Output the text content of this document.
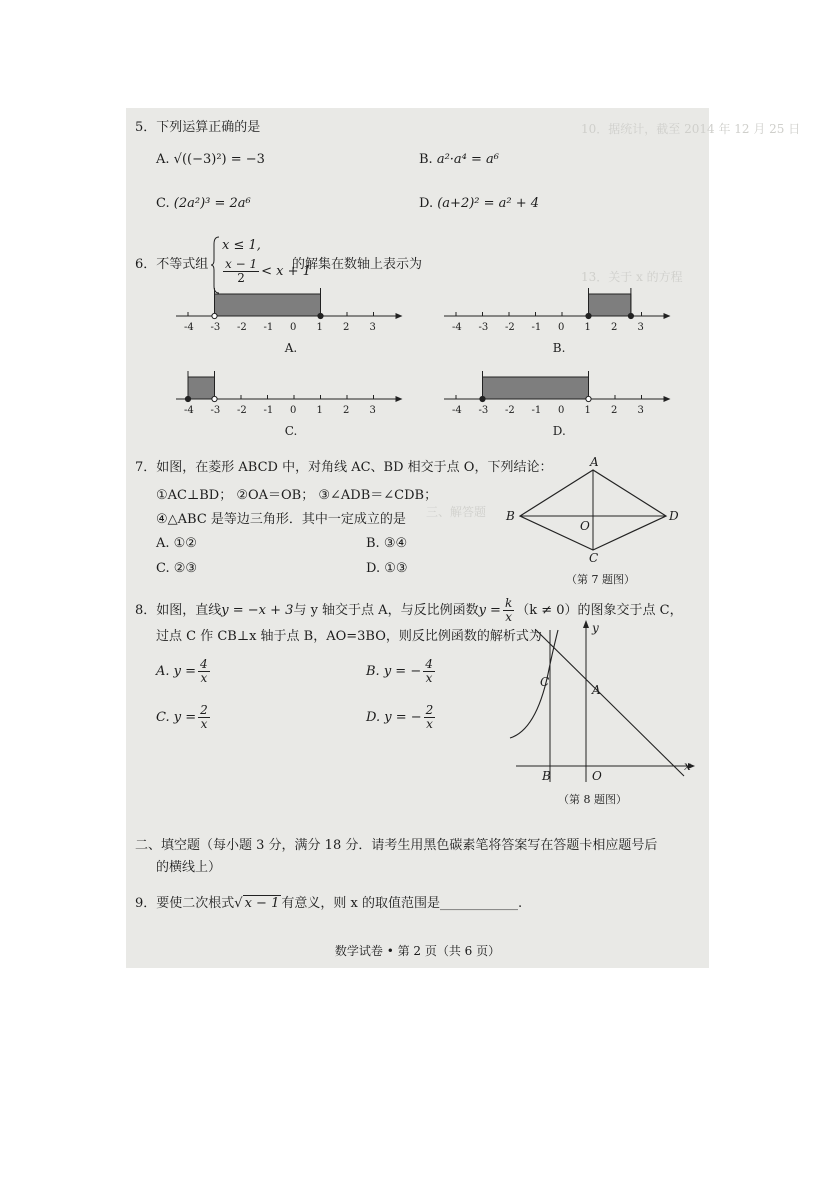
10．据统计，截至 2014 年 12 月 25 日
13．关于 x 的方程
三、解答题
5．下列运算正确的是
A. √((−3)²) = −3	B. a²·a⁴ = a⁶
C. (2a²)³ = 2a⁶	D. (a+2)² = a² + 4
6．不等式组
x ≤ 1,
$\frac{x - 1}{2} < x + 1$
的解集在数轴上表示为
-4 -3 -2 -1 0 1 2 3
A.
-4 -3 -2 -1 0 1 2 3
B.
-4 -3 -2 -1 0 1 2 3
C.
-4 -3 -2 -1 0 1 2 3
D.
7．如图，在菱形 ABCD 中，对角线 AC、BD 相交于点 O，下列结论：
①AC⊥BD； ②OA＝OB； ③∠ADB＝∠CDB；
④△ABC 是等边三角形．其中一定成立的是
A. ①②	B. ③④
C. ②③	D. ①③
A
B
C
D
O
（第 7 题图）
8．如图，直线y = −x + 3与 y 轴交于点 A，与反比例函数$y = \frac{k}{x} (k \ne 0)$的图象交于点 C，
过点 C 作 CB⊥x 轴于点 B，AO=3BO，则反比例函数的解析式为
A. $y = \frac{4}{x}$	B. y = − $\frac{4}{x}$
C. $y = \frac{2}{x}$	D. y = − $\frac{2}{x}$
y
x
C
A
B	O
（第 8 题图）
二、填空题（每小题 3 分，满分 18 分．请考生用黑色碳素笔将答案写在答题卡相应题号后
的横线上）
9．要使二次根式√ x − 1 有意义，则 x 的取值范围是____________.
数学试卷 • 第 2 页（共 6 页）
